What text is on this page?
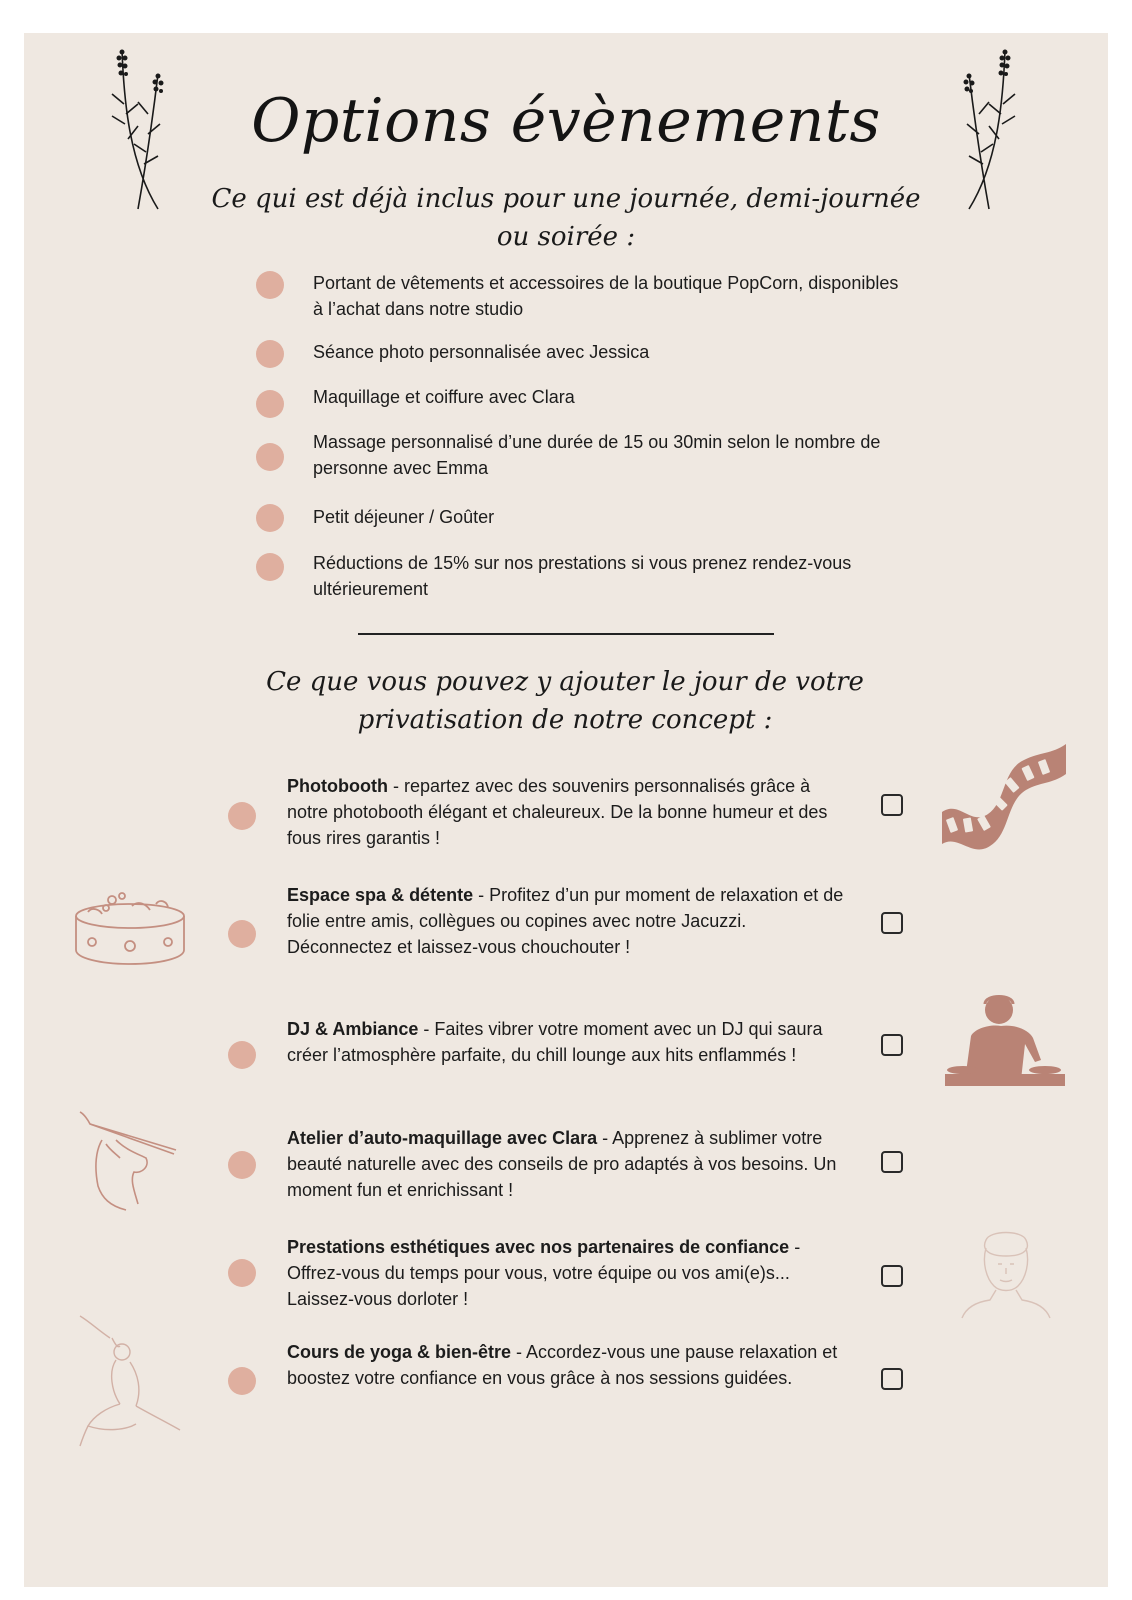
Options évènements
Ce qui est déjà inclus pour une journée, demi-journée ou soirée :
Portant de vêtements et accessoires de la boutique PopCorn, disponibles à l’achat dans notre studio
Séance photo personnalisée avec Jessica
Maquillage et coiffure avec Clara
Massage personnalisé d’une durée de 15 ou 30min selon le nombre de personne avec Emma
Petit déjeuner / Goûter
Réductions de 15% sur nos prestations si vous prenez rendez-vous ultérieurement
Ce que vous pouvez y ajouter le jour de votre privatisation de notre concept :
Photobooth - repartez avec des souvenirs personnalisés grâce à notre photobooth élégant et chaleureux. De la bonne humeur et des fous rires garantis !
Espace spa & détente - Profitez d’un pur moment de relaxation et de folie entre amis, collègues ou copines avec notre Jacuzzi. Déconnectez et laissez-vous chouchouter !
DJ & Ambiance - Faites vibrer votre moment avec un DJ qui saura créer l’atmosphère parfaite, du chill lounge aux hits enflammés !
Atelier d’auto-maquillage avec Clara - Apprenez à sublimer votre beauté naturelle avec des conseils de pro adaptés à vos besoins. Un moment fun et enrichissant !
Prestations esthétiques avec nos partenaires de confiance - Offrez-vous du temps pour vous, votre équipe ou vos ami(e)s... Laissez-vous dorloter !
Cours de yoga & bien-être - Accordez-vous une pause relaxation et boostez votre confiance en vous grâce à nos sessions guidées.
